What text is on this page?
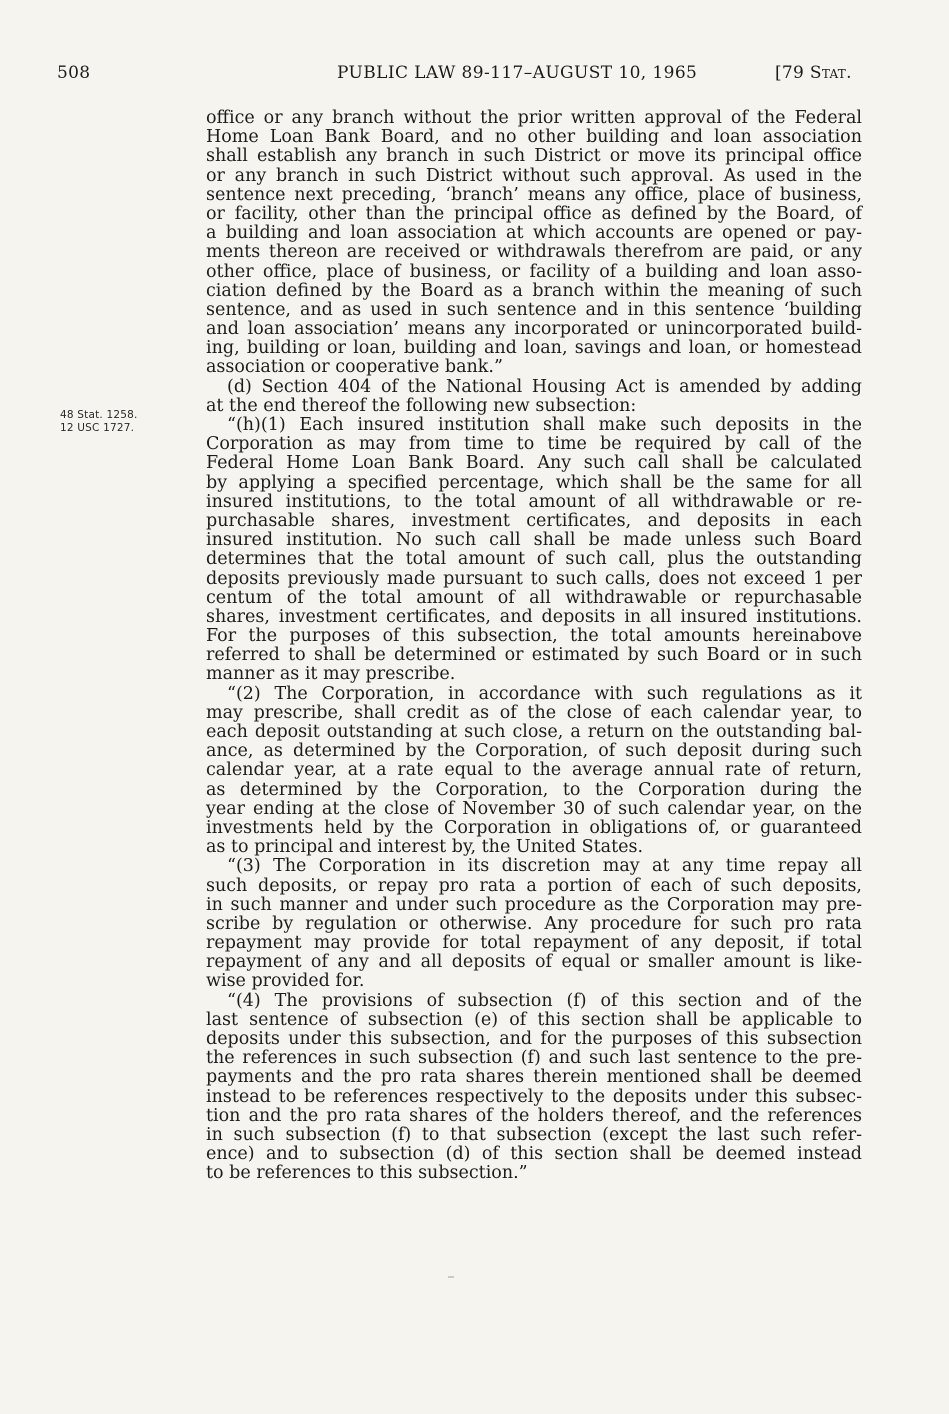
508	PUBLIC LAW 89-117–AUGUST 10, 1965	[79 Stat.
48 Stat. 1258.
12 USC 1727.
office or any branch without the prior written approval of the Federal
Home Loan Bank Board, and no other building and loan association
shall establish any branch in such District or move its principal office
or any branch in such District without such approval. As used in the
sentence next preceding, ‘branch’ means any office, place of business,
or facility, other than the principal office as defined by the Board, of
a building and loan association at which accounts are opened or pay-
ments thereon are received or withdrawals therefrom are paid, or any
other office, place of business, or facility of a building and loan asso-
ciation defined by the Board as a branch within the meaning of such
sentence, and as used in such sentence and in this sentence ‘building
and loan association’ means any incorporated or unincorporated build-
ing, building or loan, building and loan, savings and loan, or homestead
association or cooperative bank.”
(d) Section 404 of the National Housing Act is amended by adding
at the end thereof the following new subsection:
“(h)(1) Each insured institution shall make such deposits in the
Corporation as may from time to time be required by call of the
Federal Home Loan Bank Board. Any such call shall be calculated
by applying a specified percentage, which shall be the same for all
insured institutions, to the total amount of all withdrawable or re-
purchasable shares, investment certificates, and deposits in each
insured institution. No such call shall be made unless such Board
determines that the total amount of such call, plus the outstanding
deposits previously made pursuant to such calls, does not exceed 1 per
centum of the total amount of all withdrawable or repurchasable
shares, investment certificates, and deposits in all insured institutions.
For the purposes of this subsection, the total amounts hereinabove
referred to shall be determined or estimated by such Board or in such
manner as it may prescribe.
“(2) The Corporation, in accordance with such regulations as it
may prescribe, shall credit as of the close of each calendar year, to
each deposit outstanding at such close, a return on the outstanding bal-
ance, as determined by the Corporation, of such deposit during such
calendar year, at a rate equal to the average annual rate of return,
as determined by the Corporation, to the Corporation during the
year ending at the close of November 30 of such calendar year, on the
investments held by the Corporation in obligations of, or guaranteed
as to principal and interest by, the United States.
“(3) The Corporation in its discretion may at any time repay all
such deposits, or repay pro rata a portion of each of such deposits,
in such manner and under such procedure as the Corporation may pre-
scribe by regulation or otherwise. Any procedure for such pro rata
repayment may provide for total repayment of any deposit, if total
repayment of any and all deposits of equal or smaller amount is like-
wise provided for.
“(4) The provisions of subsection (f) of this section and of the
last sentence of subsection (e) of this section shall be applicable to
deposits under this subsection, and for the purposes of this subsection
the references in such subsection (f) and such last sentence to the pre-
payments and the pro rata shares therein mentioned shall be deemed
instead to be references respectively to the deposits under this subsec-
tion and the pro rata shares of the holders thereof, and the references
in such subsection (f) to that subsection (except the last such refer-
ence) and to subsection (d) of this section shall be deemed instead
to be references to this subsection.”
